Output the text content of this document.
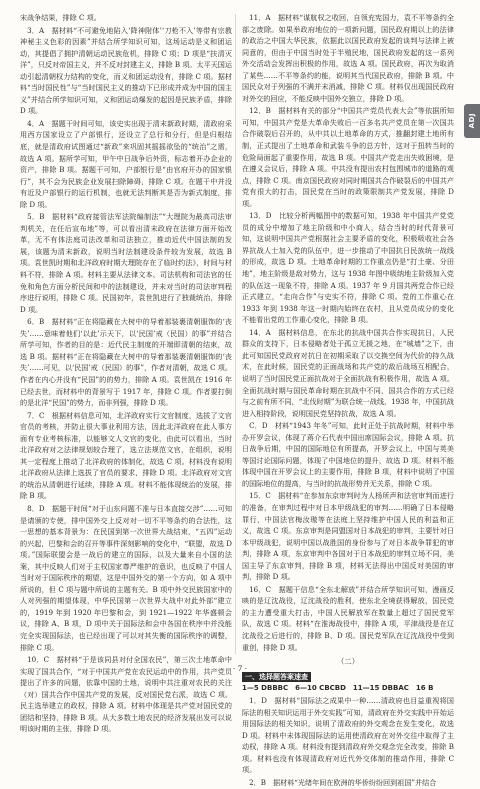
宋战争结果，排除 C 项。

3．A　据材料“不可避免地陷入‘降神附体’‘刀枪不入’等带有宗教神秘主义色彩的因素”并结合所学知识可知，这场运动是义和团运动，其提倡了拥护清朝运动民族危机，排除 C 项；D 项是“扶清灭洋”，只反对帝国主义，并不反对封建主义，排除 B 项。太平天国运动引起清朝权力结构的变化，而义和团运动没有，排除 C 项。据材料“当时国民性”与“当时国民主义的推动下已形成并成为中国的国主义”并结合所学知识可知，义和团运动爆发的起因是民族矛盾，排除 D 项。

4．A　据题干时间可知，该史实出现于清末新政时期，清政府采用西方国家设立了户部银行，还设立了总行和分行，但是归根结底，就是清政府试图通过“新政”来巩固其摇摇欲坠的“统治”之需，故选 A 项。据所学可知，甲午中日战争后外资，标志着开办企业的资产，排除 B 项。据题干可知，户部银行是“由官府开办的国家银行”，其不会为民族企业发展扫除障碍，排除 C 项。在题干中并没有近及户部银行的运行机制，也就无法判断其是否为新式制度，排除 D 项。

5．B　据材料“政府接管法军法院编制法”“大理院为最高司法审判机关，在任后宣布地”等，可以看出清末政府在法律方面开始改革，无不有体法庭司法改革和司法独立，推动近代中国法制的发展，该题为清末新政，说明当时法制建设条件较为发展，故选 B 项。袁世凯时期和北洋政府时期大理院存在了临时约法》，时间与材料不符，排除 A 项。材料主要从法律文本、司法机构和司法官的任免和角色方面分析民间和中的法制建设，并未对当时的司法审判程序进行说明，排除 C 项。民国初年，袁世凯进行了独裁统治，排除 D 项。

6．B　据材料“正在将隐藏在大树中的导着那装裹清朝服饰的‘丧失’……意味着他们‘以此’示天下，以‘民国’戒（民国）的事”并结合所学可知，作者的目的是：近代民主制度的开端即清朝的结束，故选 B 项。据材料“正在将隐藏在大树中的导着那装裹清朝服饰的‘丧失’……可见，以‘民国’戒（民国）的事”，作者对清朝，故选 C 项。作者在内心并没有“民国”的的势力，排除 A 项。袁世凯在 1916 年已经去世，而材料中的背景写于 1917 年，排除 C 项。作者要打倒的是北洋“民国”的势力，而非列强，排除 D 项。

7．C　根据材料信息可知，北洋政府实行文官制度，选拔了文官官员的考核，并防止很大事业利用方法，因此北洋政府在此人事方面有专业考核标准，以能够文人文官的变化，由此可以看出，当时北洋政府对之法律规划较合理了，选立法规范文官，在组织，说明其一定程度上推动了北洋政府的体制化，故选 C 项。材料没有说明北洋政府从法律上选拔了官员的要求，排除 D 项。北洋政府对文官的统治从清朝进行延续，排除 A 项。材料不能体现统治的发展，排除 B 项。

8．D　据题干时间“对于山东问题不准与日本直接交涉”……可知是请颁的专使，排中国外交上反对对一切不平等条约的合法性，这一思想的基本背景为：在民国到第一次世界大战结束，“五四”运动的兴起，巴黎和会的召开等事件深刻影响的变化中，“联盟，故选 D 项。”国际联盟会是一战后的建立的国际，以及大量来自小国的法案，其中反映人们对于主权国家尊严维护的意识，也反映了中国人当时对于国际秩序的期望，这是中国外交的第一个方向，如 A 项中所说的，但 C 项与题中所说的主题有关。B 项中外交民族国家中的人对列强的期望体现，中华民国第一次世界大战中对此外部“建立的，1919 年到 1920 年巴黎和会，到 1921—1922 年华盛顿会议，排除 A、B 项，D 项中关于国际法和会中各国在秩序中并没能完全实现国际法，也已经出现了可以对其失衡的国际秩序的调整，排除 C 项。

10．C　据材料“于是该同县对付全国农民”，第三次土地革命中实现了国共合作，“对于中国共产党在农民运动中的作用，共产党员提出了许多的问题，依靠中国的土地，说明中共注重对农民的关注（对）国共合作中国共产党的发展，反对国民党右派，故选 C 项。民主选举建立的政权，排除 A 项。材料中体现是共产党对国民党的团结和坚持，排除 B 项。从大多数土地农民的经济发展出发可以说明该时期的主张，排除 D 项。

11．A　据材料“谋航权之收回，自领充宪国力，袁不平等条约全部之废除。如果举政府地位的一项新问题，国民政府期以上的法律的政治之中国大华民族，依据此以国民政府发起的谈判与法律上被同意的，但由于中国当时处于半殖民地，国民政府发起的这一系列外交活动会发挥出积极的作用，故选 A 项。国民政府，再次为取消了某些……不平等条约的能，说明其当代国民政府，排除 B 项。中国民众对于列强的不满并未消减，排除 C 项。材料仅出现国民政府对外交的回应，不能反映中国外交独立，排除 D 项。

12．B　据材料有关的部分“中国共产党员代表大会”等依据所知可知，中国共产党是大革命失败后一百多名共产党员在第一次国共合作破裂后召开的，从中共以土地革命的方式，推翻封建土地所有制，正式提出了土地革命和武装斗争的总方针，这对于扭转当时的危险局面起了重要作用，故选 B 项。中国共产党走出失败困境，是在遵义会议后，排除 A 项。中共没有提出农村包围城市的道路的观点，排除 C 项。南京国民政府对同时期国共合作破裂后的中国共产党有很大的打击，国民党在当时的政策限制共产党发展，排除 D 项。

13．D　比较分析两幅图中的数据可知，1938 年中国共产党党员的成分中增加了地主阶级和中小商人，结合当时的时代背景可知，这说明中国共产党根据社会主要矛盾的变化，积极吸收社会各界抗战人士加入党的队伍中，进一步推动了中国抗日民族统一战线的形成，故选 D 项。土地革命时期的工作重点仍是“打土豪、分田地”，地主阶级是敌对势力，这与 1938 年图中吸纳地主阶级加入党的队伍这一现象不符，排除 A 项。1937 年 9 月国共两党合作已经正式建立，“走向合作”与史实不符，排除 C 项。党的工作重心在 1933 年到 1938 年这一时期内始终在农村，且从党员成分的变化不能看出党的工作重心变化，排除 B 项。

14．A　据材料信息，在东北的抗战中国共合作实现抗日，人民群众的支持下，日本侵略者处于孤立无援之地，在“城墙”之下，由此可知国民党政府对抗日在初期采取了以交换空间为代价的持久战术，在此时候，国民党的正面战场和共产党的敌后战场互相配合，说明了当时国民党正面抗战对于全面抗战有积极作用，故选 A 项。全面抗战时期与国民革命时期在抗战中不同，国共合作的方式已经与之前有所不同，“北伐时期”为联合统一战线，1938 年，中国抗战进入相持阶段，说明国民党坚持抗战，故选 A 项。

C．D　材料“1943 年冬”可知，此时正处于抗战时期，材料中举办开罗会议，体现了蒋介石代表中国出席国际会议，排除 A 项。抗日战争后期，中国的国际地位有所提高，开罗会议上，中国与英美等国讨论国际问题，体现了中国地位的提升，故选 D 项。材料不能体现中国在开罗会议上的主要作用，排除 B 项，材料中说明了中国的国际地位的提高，与当时的抗战形势并无关系，排除 C 项。

15．C　据材料“在参加东京审判时为人杨所声和法官审判而进行的准备，在审判过程中对日本甲级战犯的审判……明确了日本侵略罪行，中国法官梅汝璈等在法庭上坚持维护中国人民的利益和正义，故选 C 项。东京审判是同盟国对日本战犯的审判，主要针对日本甲级战犯，说明中国以战胜国的身份参与了对日本战争罪犯的审判，排除 A 项，东京审判中各国对于日本战犯的审判立场不同，美国主导了东京审判，排除 B 项，材料无法得出中国反对美国的审判，排除 D 项。

16．C　据题干信息“全东北解放”并结合所学知识可知，漫画反映的是辽沈战役，辽沈战役的胜利，使东北全境获得解放，国民党的主力遭受重大打击，中国人民解放军在数量上超过了国民党军队，故选 C 项。材料“在淮海战役中，排除 A 项，平津战役是在辽沈战役之后进行的，排除 B、D 项。国民党军队在辽沈战役中受到重创，排除 D 项。

（二）
一、选择题答案速查

1—5 DBBBC　6—10 CBCBD　11—15 DBBAC　16 B

1．D　据材料“国际法之成果中一种……清政府也目益重视将国际法的相关知识运用于外交实践”可知，清政府在外交实践中开始运用国际法的相关知识，说明了清政府的外交观念在发生变化，故选 D 项。材料中未体现国际法的运用使清政府在对外交往中取得了主动权，排除 A 项。材料没有提到清政府外交观念完全改变，排除 B 项。材料也没有体现清政府对近代外交体制的推动作用，排除 C 项。

2．B　据材料“光绪年间在欧洲的华侨纷纷回到祖国”并结合

ADJ
· 7 ·
